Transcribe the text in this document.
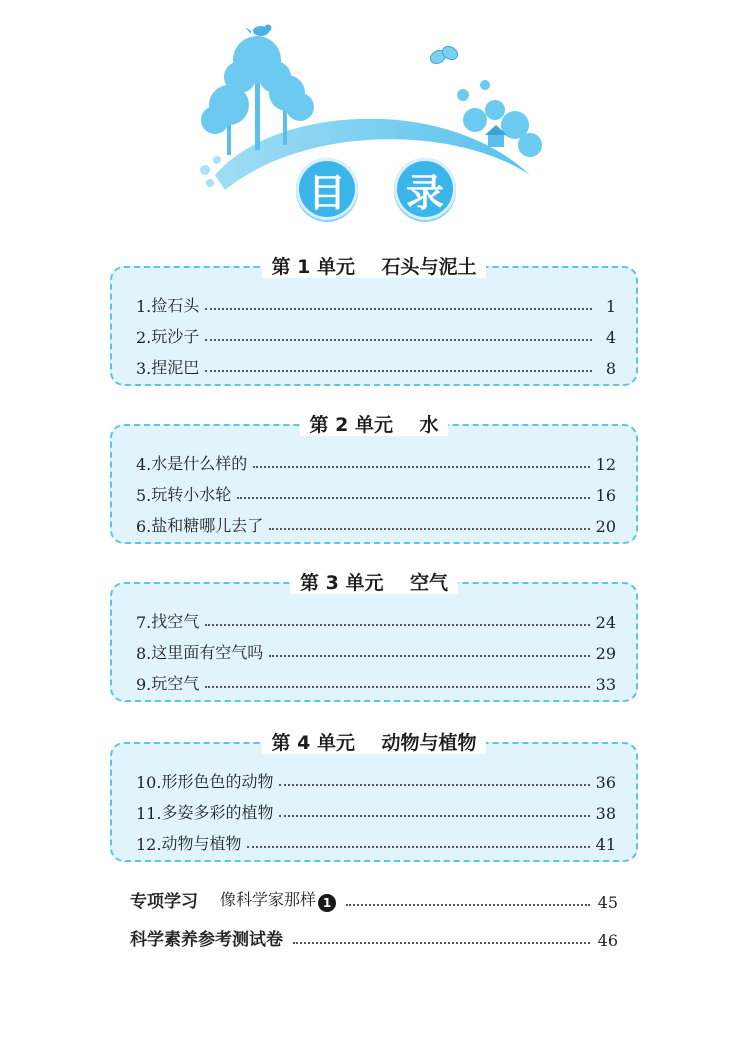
目	录
第 1 单元    石头与泥土
1. 捡石头	1
2. 玩沙子	4
3. 捏泥巴	8
第 2 单元    水
4. 水是什么样的	12
5. 玩转小水轮	16
6. 盐和糖哪儿去了	20
第 3 单元    空气
7. 找空气	24
8. 这里面有空气吗	29
9. 玩空气	33
第 4 单元    动物与植物
10. 形形色色的动物	36
11. 多姿多彩的植物	38
12. 动物与植物	41
专项学习 像科学家那样 1	45
科学素养参考测试卷	46
